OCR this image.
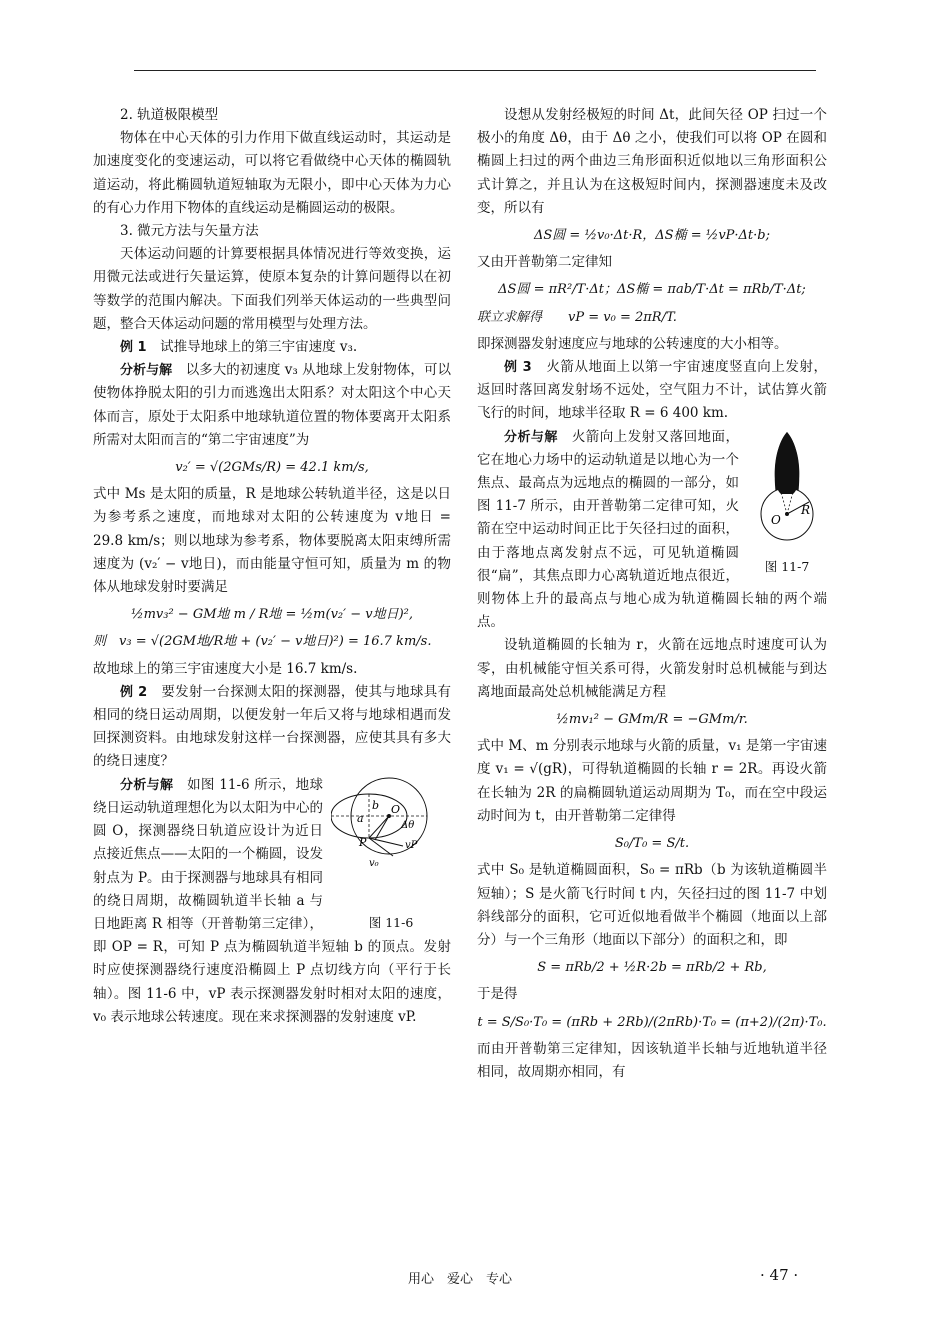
2. 轨道极限模型

物体在中心天体的引力作用下做直线运动时，其运动是加速度变化的变速运动，可以将它看做绕中心天体的椭圆轨道运动，将此椭圆轨道短轴取为无限小，即中心天体为力心的有心力作用下物体的直线运动是椭圆运动的极限。

3. 微元方法与矢量方法

天体运动问题的计算要根据具体情况进行等效变换，运用微元法或进行矢量运算，使原本复杂的计算问题得以在初等数学的范围内解决。下面我们列举天体运动的一些典型问题，整合天体运动问题的常用模型与处理方法。

例 1　 试推导地球上的第三宇宙速度 v₃.

分析与解　 以多大的初速度 v₃ 从地球上发射物体，可以使物体挣脱太阳的引力而逃逸出太阳系？对太阳这个中心天体而言，原处于太阳系中地球轨道位置的物体要离开太阳系所需对太阳而言的“第二宇宙速度”为

v₂′ = √(2GMs/R) = 42.1 km/s,

式中 Ms 是太阳的质量，R 是地球公转轨道半径，这是以日为参考系之速度，而地球对太阳的公转速度为 v地日 = 29.8 km/s；则以地球为参考系，物体要脱离太阳束缚所需速度为 (v₂′ − v地日)，而由能量守恒可知，质量为 m 的物体从地球发射时要满足

½mv₃² − GM地 m / R地 = ½m(v₂′ − v地日)²,
则　 v₃ = √(2GM地/R地 + (v₂′ − v地日)²) = 16.7 km/s.

故地球上的第三宇宙速度大小是 16.7 km/s.

例 2　 要发射一台探测太阳的探测器，使其与地球具有相同的绕日运动周期，以便发射一年后又将与地球相遇而发回探测资料。由地球发射这样一台探测器，应使其具有多大的绕日速度？

a
b O
Δθ
P	vP
v₀
图 11-6

分析与解　 如图 11-6 所示，地球绕日运动轨道理想化为以太阳为中心的圆 O，探测器绕日轨道应设计为近日点接近焦点——太阳的一个椭圆，设发射点为 P。由于探测器与地球具有相同的绕日周期，故椭圆轨道半长轴 a 与日地距离 R 相等（开普勒第三定律），即 OP = R，可知 P 点为椭圆轨道半短轴 b 的顶点。发射时应使探测器绕行速度沿椭圆上 P 点切线方向（平行于长轴）。图 11-6 中，vP 表示探测器发射时相对太阳的速度，v₀ 表示地球公转速度。现在来求探测器的发射速度 vP.

设想从发射经极短的时间 Δt，此间矢径 OP 扫过一个极小的角度 Δθ，由于 Δθ 之小，使我们可以将 OP 在圆和椭圆上扫过的两个曲边三角形面积近似地以三角形面积公式计算之，并且认为在这极短时间内，探测器速度未及改变，所以有

ΔS圆 = ½v₀·Δt·R，ΔS椭 = ½vP·Δt·b;

又由开普勒第二定律知

ΔS圆 = πR²/T·Δt；ΔS椭 = πab/T·Δt = πRb/T·Δt;
联立求解得　　 vP = v₀ = 2πR/T.

即探测器发射速度应与地球的公转速度的大小相等。

例 3　 火箭从地面上以第一宇宙速度竖直向上发射，返回时落回离发射场不远处，空气阻力不计，试估算火箭飞行的时间，地球半径取 R = 6 400 km.

O
R
图 11-7

分析与解　 火箭向上发射又落回地面，它在地心力场中的运动轨道是以地心为一个焦点、最高点为远地点的椭圆的一部分，如图 11-7 所示，由开普勒第二定律可知，火箭在空中运动时间正比于矢径扫过的面积，由于落地点离发射点不远，可见轨道椭圆很“扁”，其焦点即力心离轨道近地点很近，则物体上升的最高点与地心成为轨道椭圆长轴的两个端点。

设轨道椭圆的长轴为 r，火箭在远地点时速度可认为零，由机械能守恒关系可得，火箭发射时总机械能与到达离地面最高处总机械能满足方程

½mv₁² − GMm/R = −GMm/r.

式中 M、m 分别表示地球与火箭的质量，v₁ 是第一宇宙速度 v₁ = √(gR)，可得轨道椭圆的长轴 r = 2R。再设火箭在长轴为 2R 的扁椭圆轨道运动周期为 T₀，而在空中段运动时间为 t，由开普勒第二定律得

S₀/T₀ = S/t.

式中 S₀ 是轨道椭圆面积，S₀ = πRb（b 为该轨道椭圆半短轴）；S 是火箭飞行时间 t 内，矢径扫过的图 11-7 中划斜线部分的面积，它可近似地看做半个椭圆（地面以上部分）与一个三角形（地面以下部分）的面积之和，即

S = πRb/2 + ½R·2b = πRb/2 + Rb,

于是得

t = S/S₀·T₀ = (πRb + 2Rb)/(2πRb)·T₀ = (π+2)/(2π)·T₀.

而由开普勒第三定律知，因该轨道半长轴与近地轨道半径相同，故周期亦相同，有

用心　爱心　专心	· 47 ·
